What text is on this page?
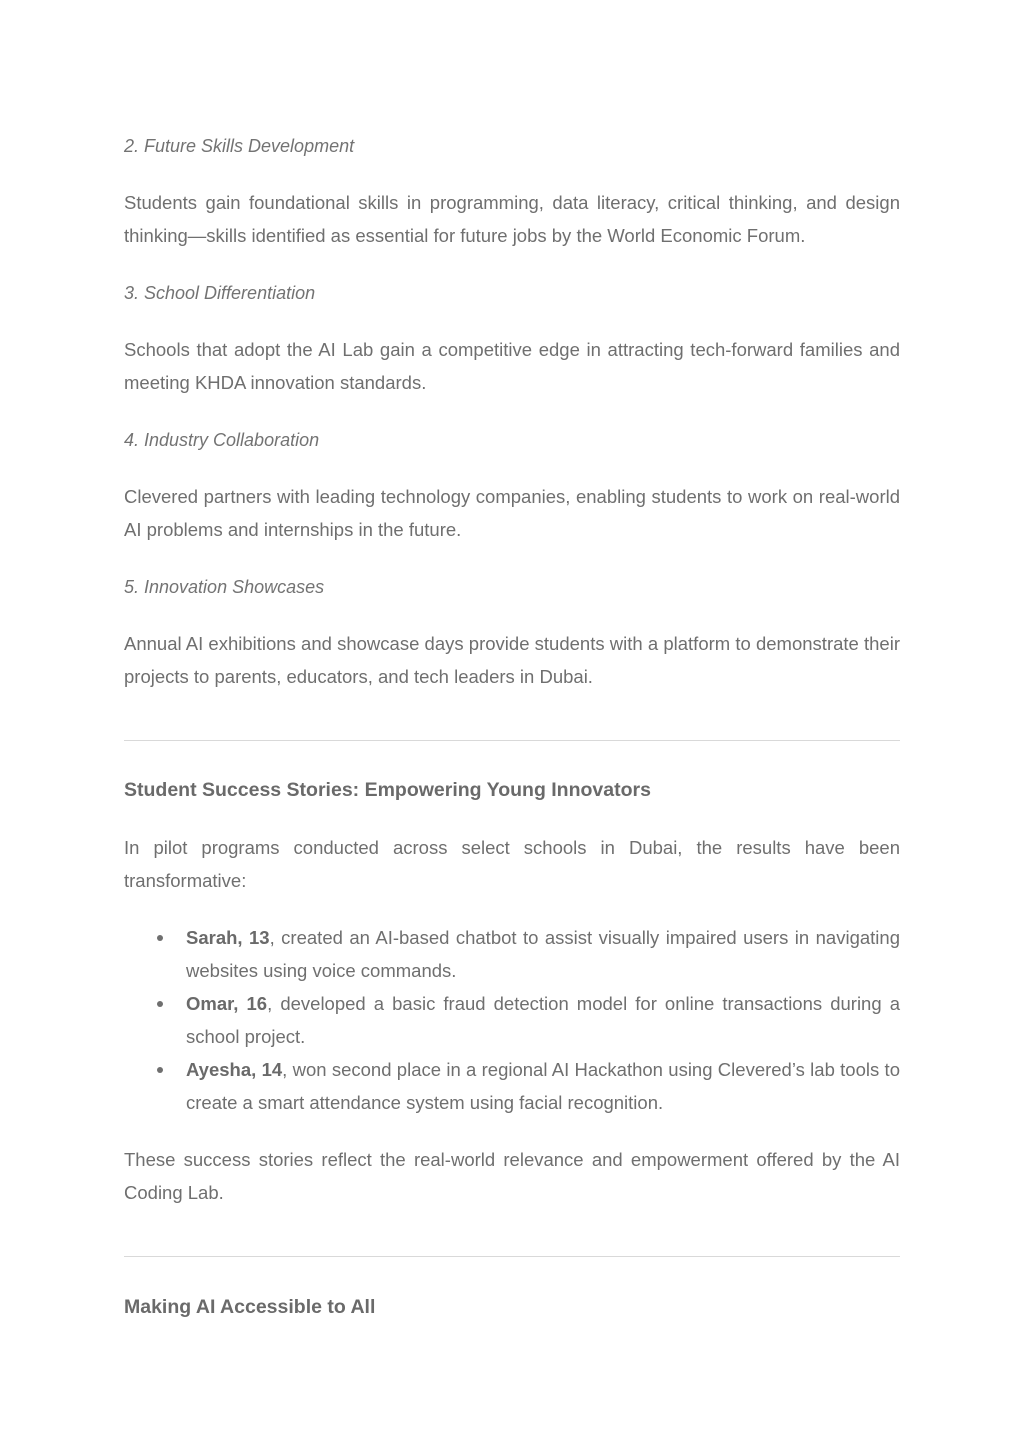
2. Future Skills Development
Students gain foundational skills in programming, data literacy, critical thinking, and design thinking—skills identified as essential for future jobs by the World Economic Forum.
3. School Differentiation
Schools that adopt the AI Lab gain a competitive edge in attracting tech-forward families and meeting KHDA innovation standards.
4. Industry Collaboration
Clevered partners with leading technology companies, enabling students to work on real-world AI problems and internships in the future.
5. Innovation Showcases
Annual AI exhibitions and showcase days provide students with a platform to demonstrate their projects to parents, educators, and tech leaders in Dubai.
Student Success Stories: Empowering Young Innovators
In pilot programs conducted across select schools in Dubai, the results have been transformative:
Sarah, 13, created an AI-based chatbot to assist visually impaired users in navigating websites using voice commands.
Omar, 16, developed a basic fraud detection model for online transactions during a school project.
Ayesha, 14, won second place in a regional AI Hackathon using Clevered’s lab tools to create a smart attendance system using facial recognition.
These success stories reflect the real-world relevance and empowerment offered by the AI Coding Lab.
Making AI Accessible to All
